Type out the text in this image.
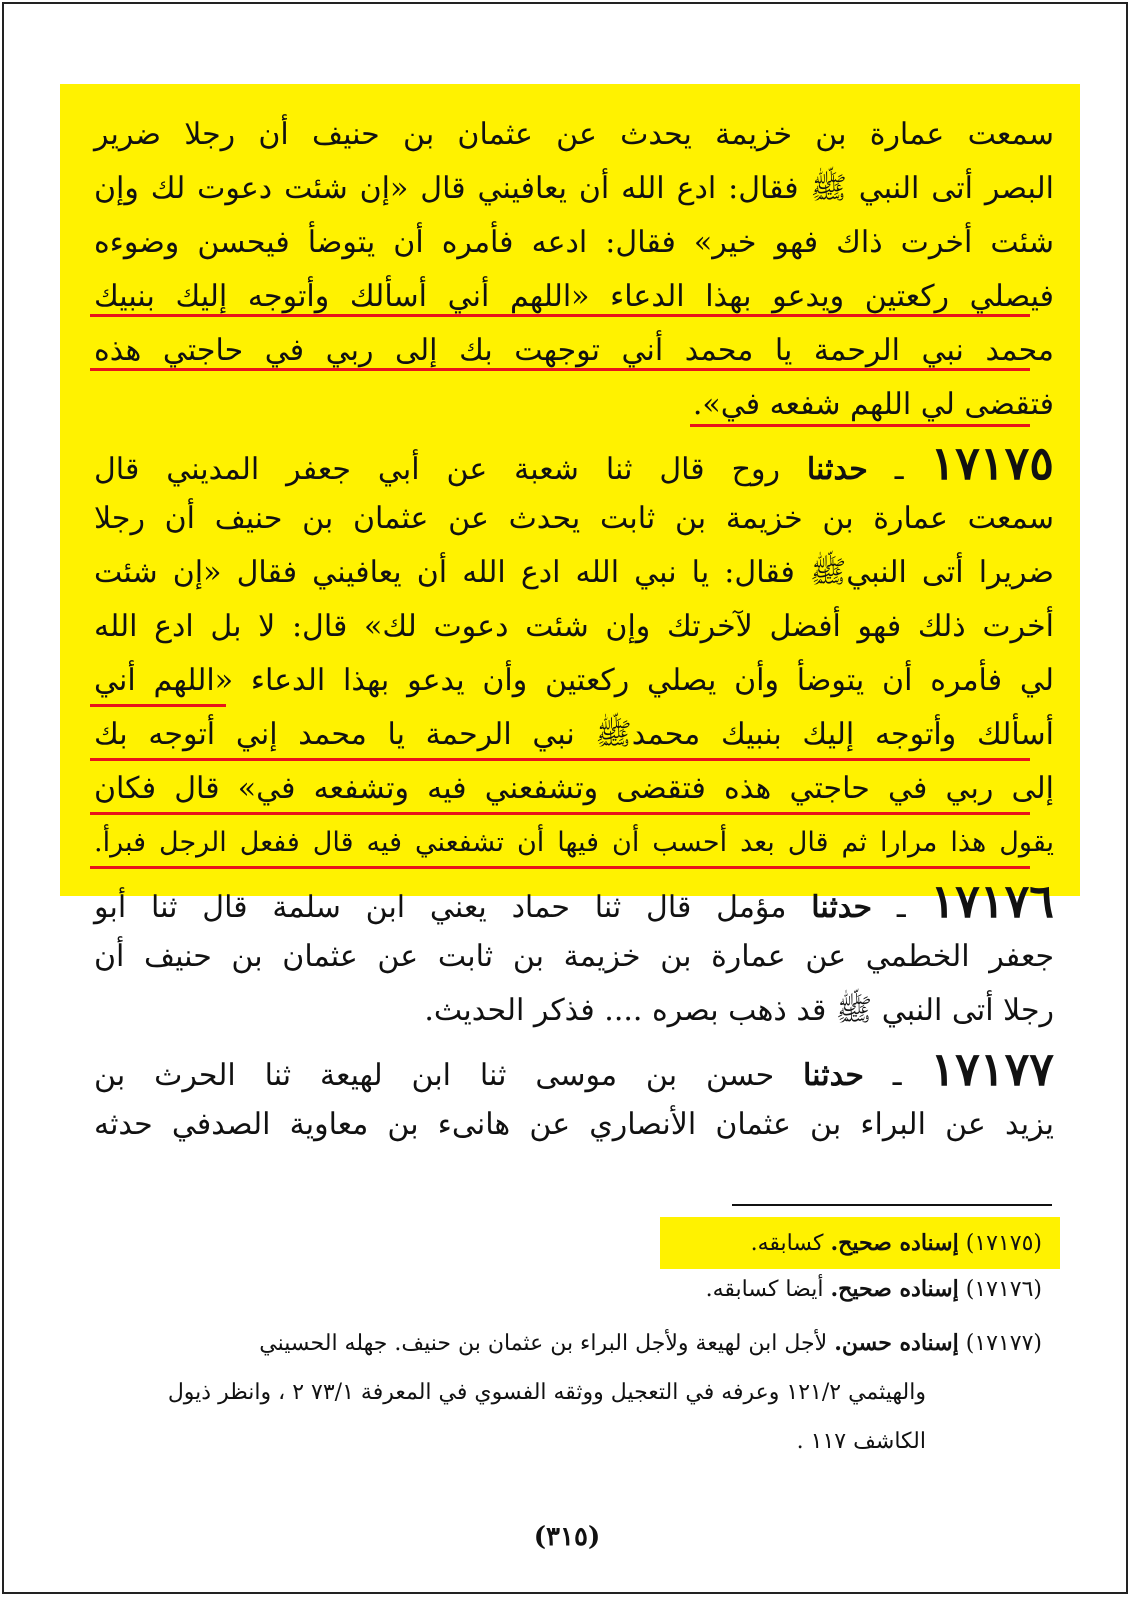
سمعت عمارة بن خزيمة يحدث عن عثمان بن حنيف أن رجلا ضرير
البصر أتى النبي ﷺ فقال: ادع الله أن يعافيني قال «إن شئت دعوت لك وإن
شئت أخرت ذاك فهو خير» فقال: ادعه فأمره أن يتوضأ فيحسن وضوءه
فيصلي ركعتين ويدعو بهذا الدعاء «اللهم أني أسألك وأتوجه إليك بنبيك
محمد نبي الرحمة يا محمد أني توجهت بك إلى ربي في حاجتي هذه
فتقضى لي اللهم شفعه في».
١٧١٧٥ ـ حدثنا روح قال ثنا شعبة عن أبي جعفر المديني قال
سمعت عمارة بن خزيمة بن ثابت يحدث عن عثمان بن حنيف أن رجلا
ضريرا أتى النبيﷺ فقال: يا نبي الله ادع الله أن يعافيني فقال «إن شئت
أخرت ذلك فهو أفضل لآخرتك وإن شئت دعوت لك» قال: لا بل ادع الله
لي فأمره أن يتوضأ وأن يصلي ركعتين وأن يدعو بهذا الدعاء «اللهم أني
أسألك وأتوجه إليك بنبيك محمدﷺ نبي الرحمة يا محمد إني أتوجه بك
إلى ربي في حاجتي هذه فتقضى وتشفعني فيه وتشفعه في» قال فكان
يقول هذا مرارا ثم قال بعد أحسب أن فيها أن تشفعني فيه قال ففعل الرجل فبرأ.
١٧١٧٦ ـ حدثنا مؤمل قال ثنا حماد يعني ابن سلمة قال ثنا أبو
جعفر الخطمي عن عمارة بن خزيمة بن ثابت عن عثمان بن حنيف أن
رجلا أتى النبي ﷺ قد ذهب بصره .... فذكر الحديث.
١٧١٧٧ ـ حدثنا حسن بن موسى ثنا ابن لهيعة ثنا الحرث بن
يزيد عن البراء بن عثمان الأنصاري عن هانىء بن معاوية الصدفي حدثه
(١٧١٧٥) إسناده صحيح. كسابقه.
(١٧١٧٦) إسناده صحيح. أيضا كسابقه.
(١٧١٧٧) إسناده حسن. لأجل ابن لهيعة ولأجل البراء بن عثمان بن حنيف. جهله الحسيني
والهيثمي ١٢١/٢ وعرفه في التعجيل ووثقه الفسوي في المعرفة ٧٣/١ ٢ ، وانظر ذيول
الكاشف ١١٧ .
(٣١٥)
